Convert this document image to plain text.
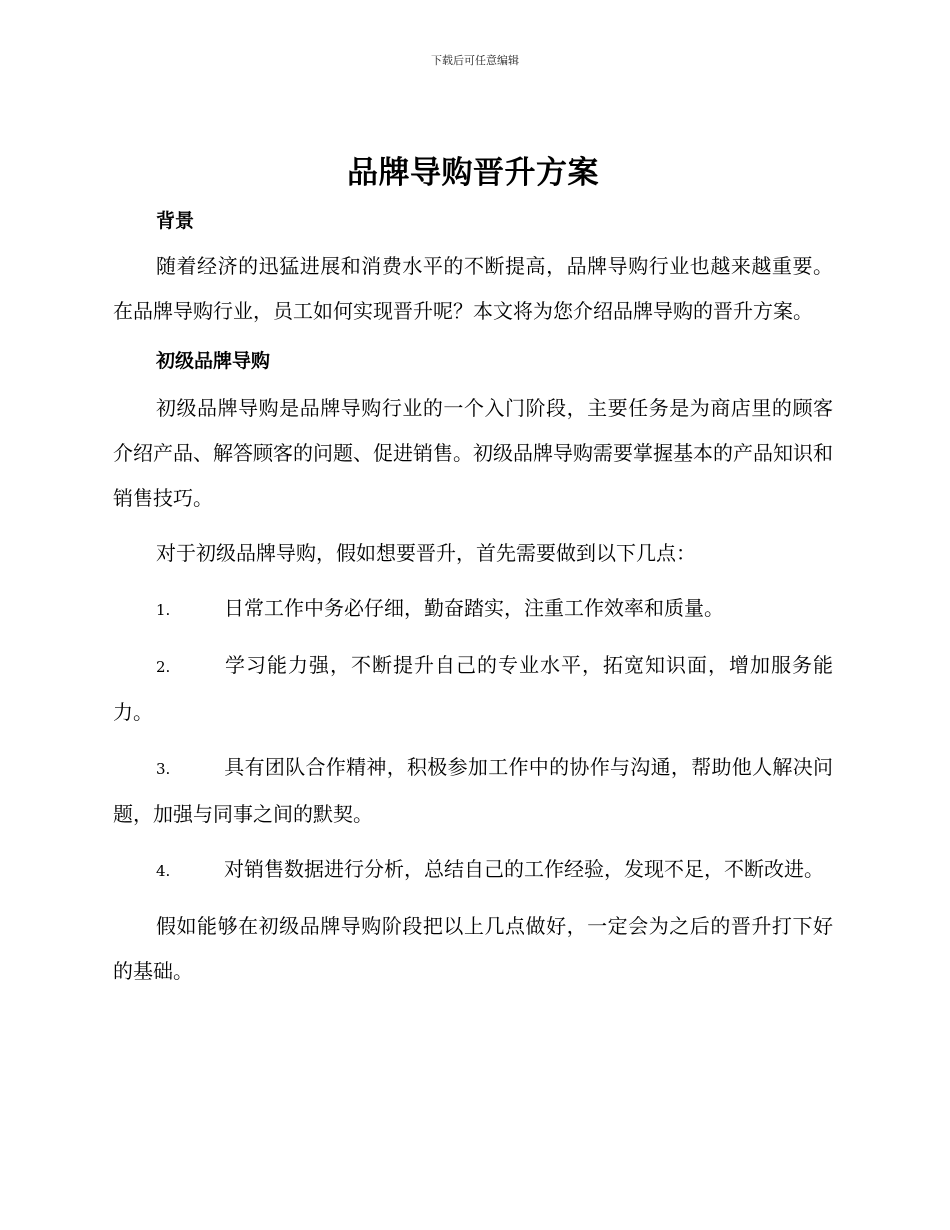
下载后可任意编辑
品牌导购晋升方案
背景

随着经济的迅猛进展和消费水平的不断提高，品牌导购行业也越来越重要。在品牌导购行业，员工如何实现晋升呢？本文将为您介绍品牌导购的晋升方案。

初级品牌导购

初级品牌导购是品牌导购行业的一个入门阶段，主要任务是为商店里的顾客介绍产品、解答顾客的问题、促进销售。初级品牌导购需要掌握基本的产品知识和销售技巧。

对于初级品牌导购，假如想要晋升，首先需要做到以下几点：

1.	日常工作中务必仔细，勤奋踏实，注重工作效率和质量。

2.	学习能力强，不断提升自己的专业水平，拓宽知识面，增加服务能力。

3.	具有团队合作精神，积极参加工作中的协作与沟通，帮助他人解决问题，加强与同事之间的默契。

4.	对销售数据进行分析，总结自己的工作经验，发现不足，不断改进。

假如能够在初级品牌导购阶段把以上几点做好，一定会为之后的晋升打下好的基础。
